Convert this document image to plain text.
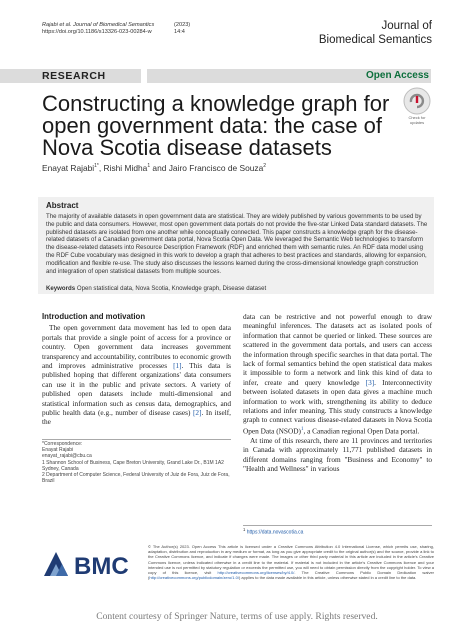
Rajabi et al. Journal of Biomedical Semantics	(2023) 14:4
https://doi.org/10.1186/s13326-023-00284-w
Journal of
Biomedical Semantics
RESEARCH	Open Access
Constructing a knowledge graph for open government data: the case of Nova Scotia disease datasets
Check for
updates
Enayat Rajabi$^{1*}$, Rishi Midha$^1$ and Jairo Francisco de Souza$^2$
Abstract
The majority of available datasets in open government data are statistical. They are widely published by various governments to be used by the public and data consumers. However, most open government data portals do not provide the five-star Linked Data standard datasets. The published datasets are isolated from one another while conceptually connected. This paper constructs a knowledge graph for the disease-related datasets of a Canadian government data portal, Nova Scotia Open Data. We leveraged the Semantic Web technologies to transform the disease-related datasets into Resource Description Framework (RDF) and enriched them with semantic rules. An RDF data model using the RDF Cube vocabulary was designed in this work to develop a graph that adheres to best practices and standards, allowing for expansion, modification and flexible re-use. The study also discusses the lessons learned during the cross-dimensional knowledge graph construction and integration of open statistical datasets from multiple sources.
Keywords Open statistical data, Nova Scotia, Knowledge graph, Disease dataset
Introduction and motivation
The open government data movement has led to open data portals that provide a single point of access for a province or country. Open government data increases government transparency and accountability, contributes to economic growth and improves administrative processes [1]. This data is published hoping that different organizations' data consumers can use it in the public and private sectors. A variety of published open datasets include multi-dimensional and statistical information such as census data, demographics, and public health data (e.g., number of disease cases) [2]. In itself, the
*Correspondence:
Enayat Rajabi
enayat_rajabi@cbu.ca
1 Shannon School of Business, Cape Breton University, Grand Lake Dr., B1M 1A2 Sydney, Canada
2 Department of Computer Science, Federal University of Juiz de Fora, Juiz de Fora, Brazil
data can be restrictive and not powerful enough to draw meaningful inferences. The datasets act as isolated pools of information that cannot be queried or linked. These sources are scattered in the government data portals, and users can access the information through specific searches in that data portal. The lack of formal semantics behind the open statistical data makes it impossible to form a network and link this kind of data to infer, create and query knowledge [3]. Interconnectivity between isolated datasets in open data gives a machine much information to work with, strengthening its ability to deduce relations and infer meaning. This study constructs a knowledge graph to connect various disease-related datasets in Nova Scotia Open Data (NSOD)$^1$, a Canadian regional Open Data portal.
At time of this research, there are 11 provinces and territories in Canada with approximately 11,771 published datasets in different domains ranging from "Business and Economy" to "Health and Wellness" in various
$^1$ https://data.novascotia.ca
BMC
© The Author(s) 2023. Open Access This article is licensed under a Creative Commons Attribution 4.0 International License, which permits use, sharing, adaptation, distribution and reproduction in any medium or format, as long as you give appropriate credit to the original author(s) and the source, provide a link to the Creative Commons licence, and indicate if changes were made. The images or other third party material in this article are included in the article's Creative Commons licence, unless indicated otherwise in a credit line to the material. If material is not included in the article's Creative Commons licence and your intended use is not permitted by statutory regulation or exceeds the permitted use, you will need to obtain permission directly from the copyright holder. To view a copy of this licence, visit http://creativecommons.org/licenses/by/4.0/. The Creative Commons Public Domain Dedication waiver (http://creativecommons.org/publicdomain/zero/1.0/) applies to the data made available in this article, unless otherwise stated in a credit line to the data.
Content courtesy of Springer Nature, terms of use apply. Rights reserved.
